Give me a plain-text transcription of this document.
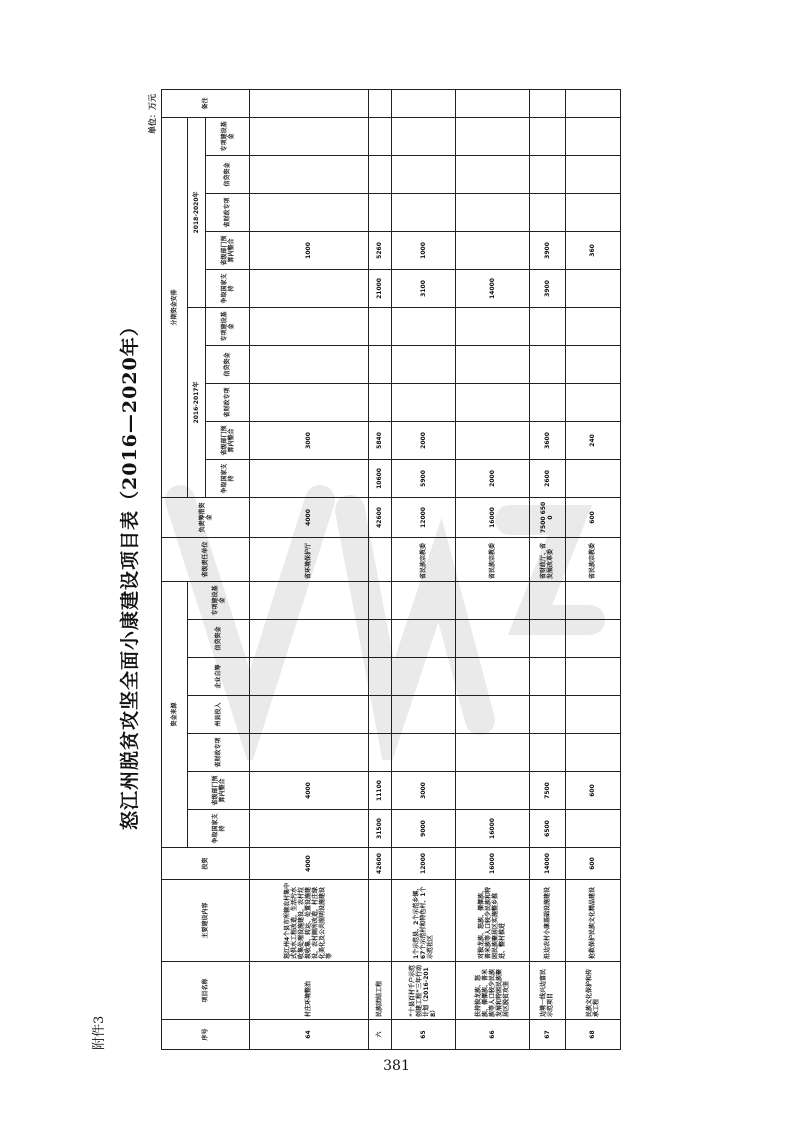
附件3
怒江州脱贫攻坚全面小康建设项目表（2016—2020年）
单位：万元
序号	项目名称	主要建设内容	投资	资金来源							省级责任单位	负责筹措资金	分期资金安排										备注
				争取国家支持	省级部门预算内整合	省财政专项	州县投入	企业自筹	信贷资金	专项建设基金			2016-2017年					2018-2020年					
													争取国家支持	省级部门预算内整合	省财政专项	信贷资金	专项建设基金	争取国家支持	省级部门预算内整合	省财政专项	信贷资金	专项建设基金	
64	村庄环境整治	怒江州4个县市所辖农村集中式供水工程改造，生活污水收集处理设施建设，农村垃圾收集、转运、处置设施建设，农村厕所改造，村庄绿化美化及公共照明设施建设等	4000		4000						省环境保护厅	4000		3000					1000				
六	民族团结工程		42600	31500	11100							42600	10600	5840				21000	5260				
65	“十县百村千户示范创建工程”三年行动计划（2016-2018）	1个示范县、2个示范乡镇、67个示范村和特色村、1个示范社区	12000	9000	3000						省民族宗教委	12000	5900	2000				3100	1000				
66	扶持独龙族、怒族、傈僳族、普米族等人口较少民族发展和特困民族聚居区脱贫攻坚	对独龙族、怒族、傈僳族、普米族等人口较少民族和特困民族聚居区实施整乡推进、整村推进	16000	16000							省民族宗教委	16000	2000					14000					
67	边境一线兴边富民示范项目	沿边农村小康基础设施建设	14000	6500	7500						省财政厅、省发展改革委	7500 6500	2600	3600				3900	3900				
68	民族文化保护和传承工程	抢救保护民族文化精品建设	600		600						省民族宗教委	600		240					360				
381
